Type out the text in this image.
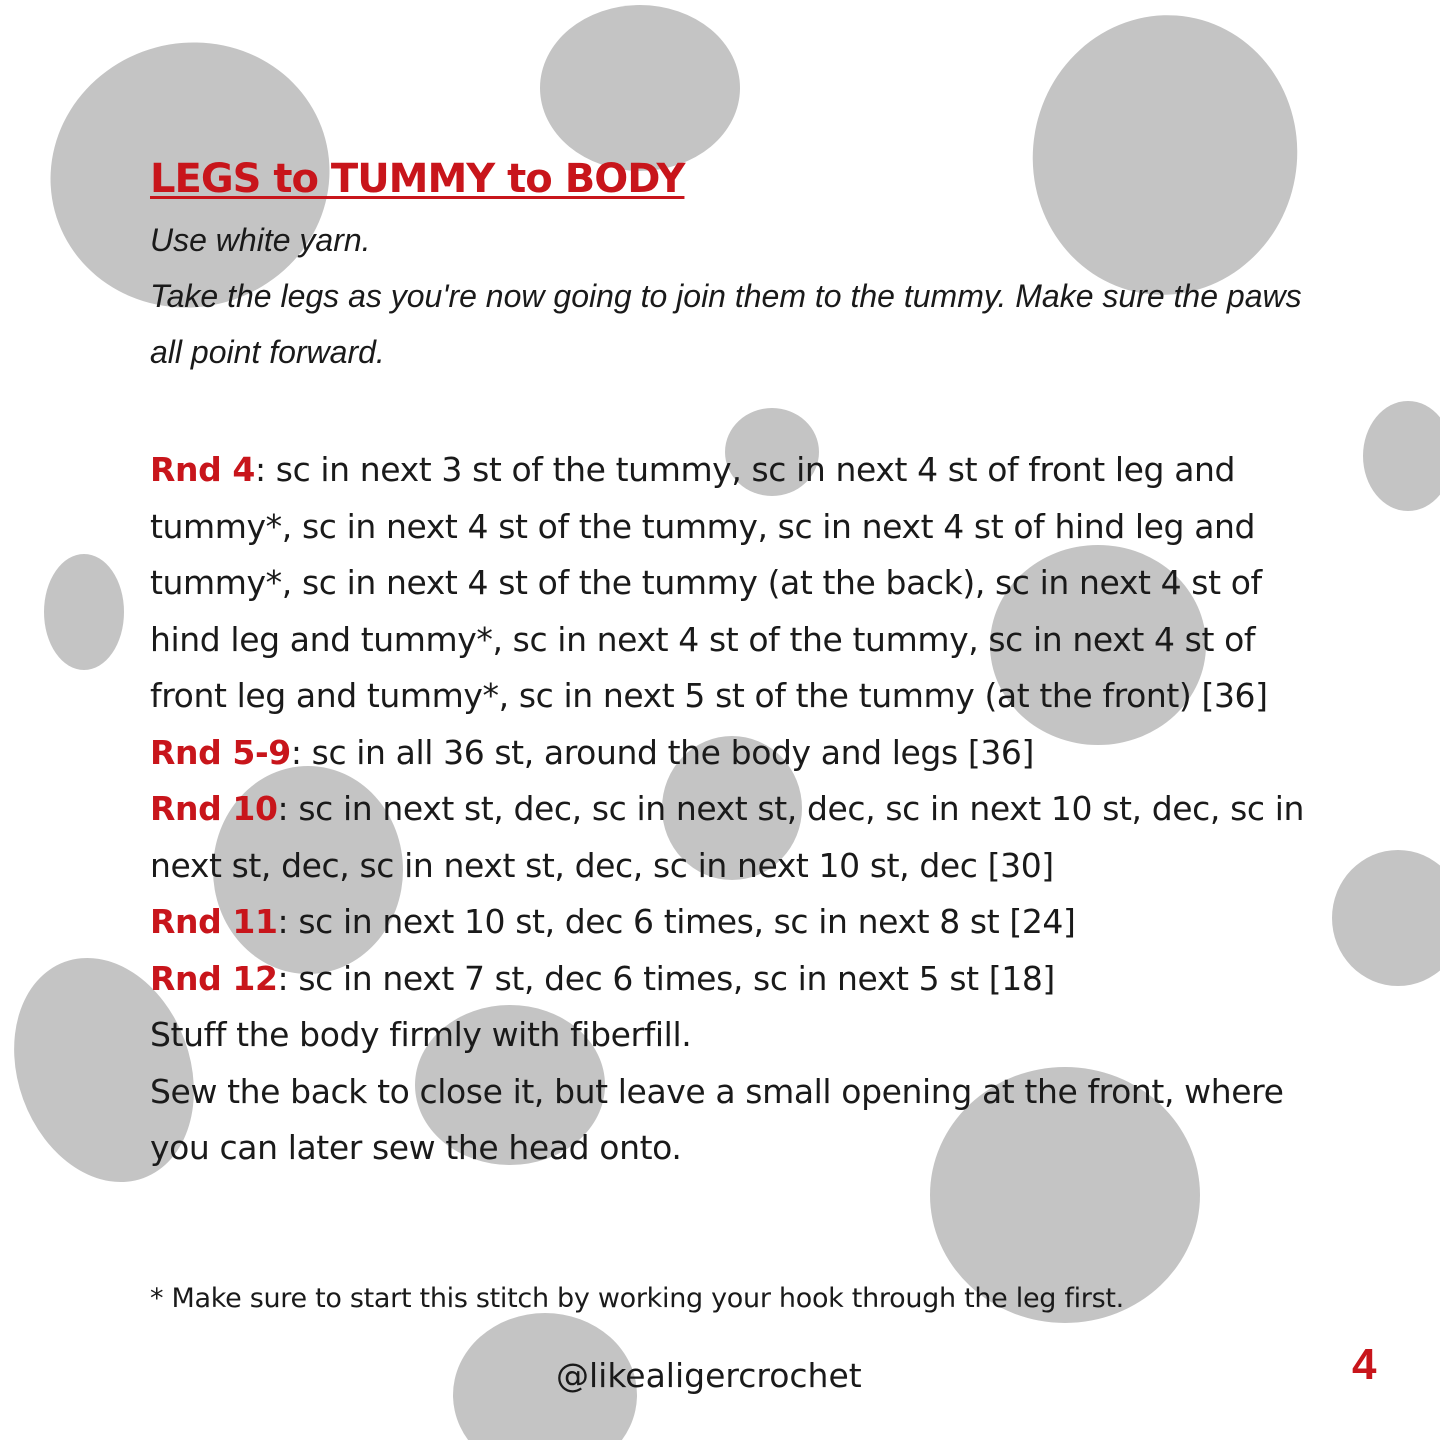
LEGS to TUMMY to BODY

Use white yarn.

Take the legs as you're now going to join them to the tummy. Make sure the paws all point forward.

Rnd 4: sc in next 3 st of the tummy, sc in next 4 st of front leg and tummy*, sc in next 4 st of the tummy, sc in next 4 st of hind leg and tummy*, sc in next 4 st of the tummy (at the back), sc in next 4 st of hind leg and tummy*, sc in next 4 st of the tummy, sc in next 4 st of front leg and tummy*, sc in next 5 st of the tummy (at the front) [36]

Rnd 5-9: sc in all 36 st, around the body and legs [36]

Rnd 10: sc in next st, dec, sc in next st, dec, sc in next 10 st, dec, sc in next st, dec, sc in next st, dec, sc in next 10 st, dec [30]

Rnd 11: sc in next 10 st, dec 6 times, sc in next 8 st [24]

Rnd 12: sc in next 7 st, dec 6 times, sc in next 5 st [18]

Stuff the body firmly with fiberfill.

Sew the back to close it, but leave a small opening at the front, where you can later sew the head onto.

* Make sure to start this stitch by working your hook through the leg first.
@likealigercrochet	4
